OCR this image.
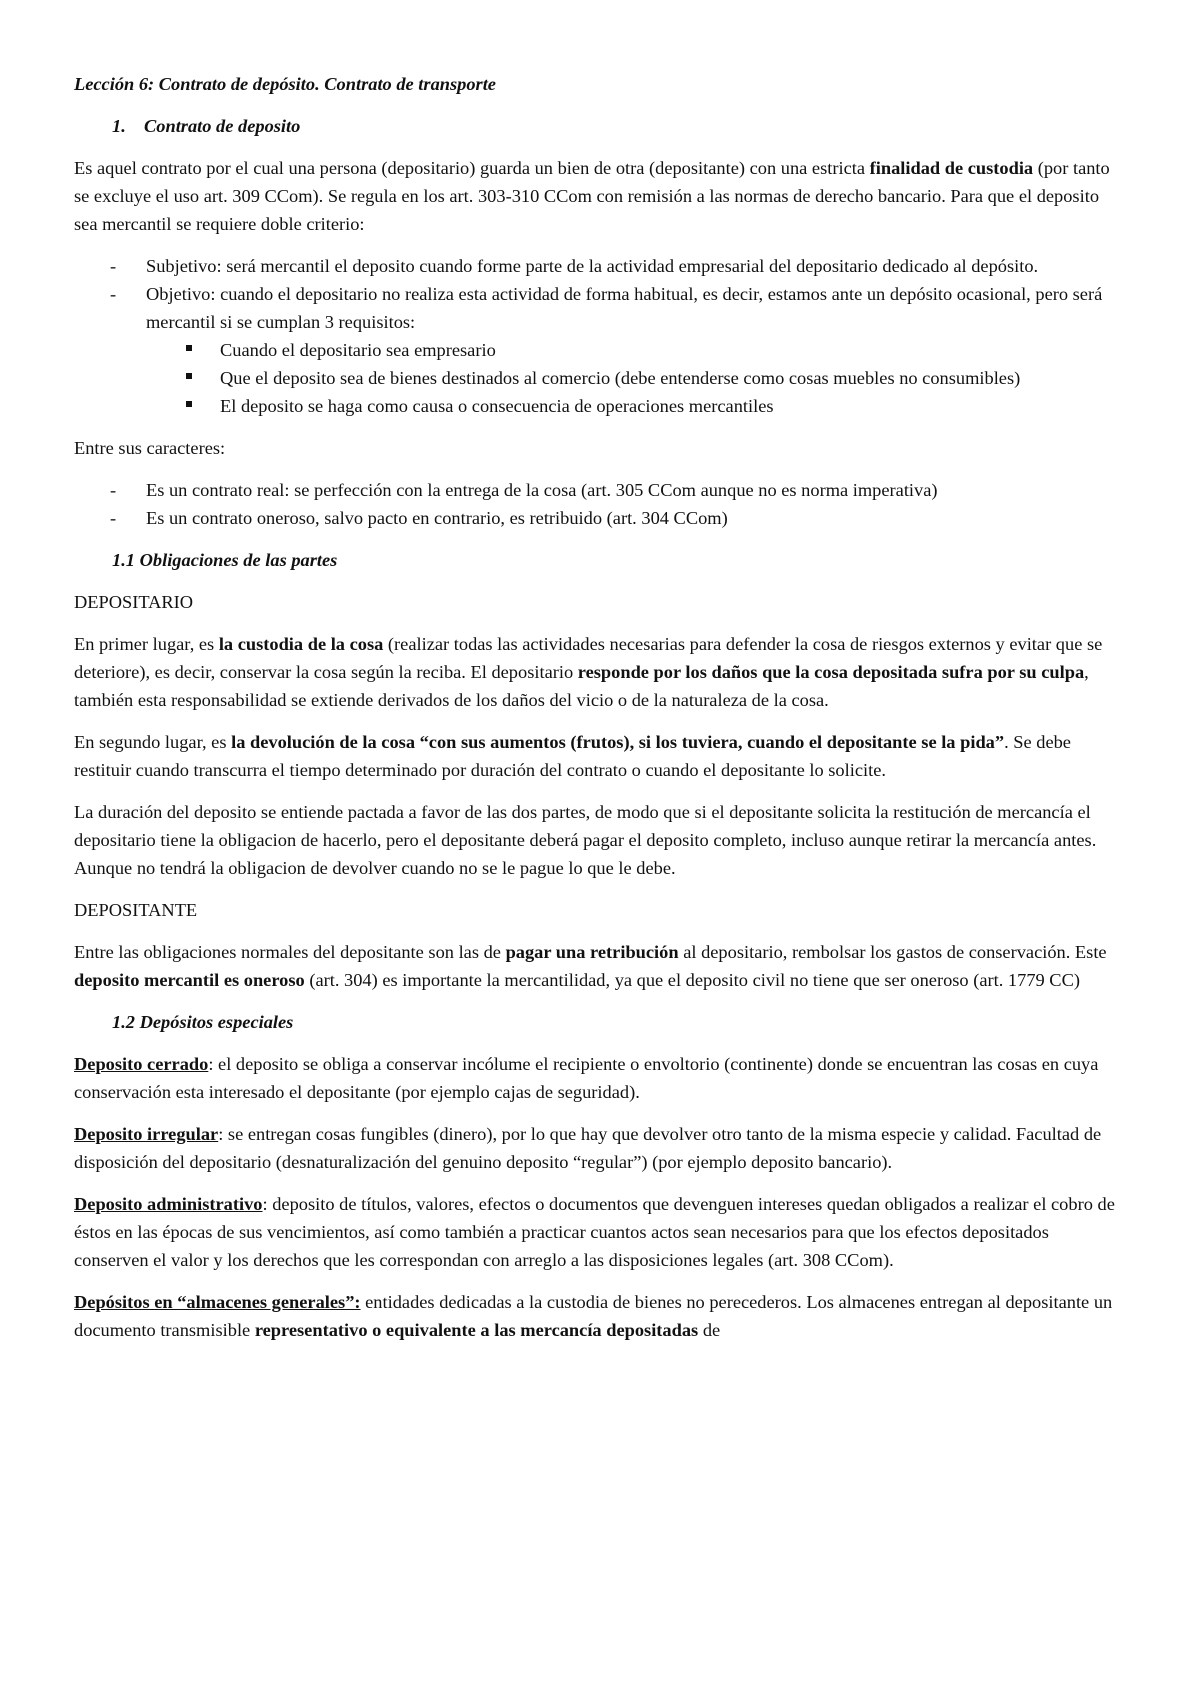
Lección 6: Contrato de depósito. Contrato de transporte
1. Contrato de deposito

Es aquel contrato por el cual una persona (depositario) guarda un bien de otra (depositante) con una estricta finalidad de custodia (por tanto se excluye el uso art. 309 CCom). Se regula en los art. 303-310 CCom con remisión a las normas de derecho bancario. Para que el deposito sea mercantil se requiere doble criterio:

- Subjetivo: será mercantil el deposito cuando forme parte de la actividad empresarial del depositario dedicado al depósito.
- Objetivo: cuando el depositario no realiza esta actividad de forma habitual, es decir, estamos ante un depósito ocasional, pero será mercantil si se cumplan 3 requisitos:
Cuando el depositario sea empresario
Que el deposito sea de bienes destinados al comercio (debe entenderse como cosas muebles no consumibles)
El deposito se haga como causa o consecuencia de operaciones mercantiles

Entre sus caracteres:

- Es un contrato real: se perfección con la entrega de la cosa (art. 305 CCom aunque no es norma imperativa)
- Es un contrato oneroso, salvo pacto en contrario, es retribuido (art. 304 CCom)
1.1 Obligaciones de las partes
DEPOSITARIO

En primer lugar, es la custodia de la cosa (realizar todas las actividades necesarias para defender la cosa de riesgos externos y evitar que se deteriore), es decir, conservar la cosa según la reciba. El depositario responde por los daños que la cosa depositada sufra por su culpa, también esta responsabilidad se extiende derivados de los daños del vicio o de la naturaleza de la cosa.

En segundo lugar, es la devolución de la cosa “con sus aumentos (frutos), si los tuviera, cuando el depositante se la pida”. Se debe restituir cuando transcurra el tiempo determinado por duración del contrato o cuando el depositante lo solicite.

La duración del deposito se entiende pactada a favor de las dos partes, de modo que si el depositante solicita la restitución de mercancía el depositario tiene la obligacion de hacerlo, pero el depositante deberá pagar el deposito completo, incluso aunque retirar la mercancía antes. Aunque no tendrá la obligacion de devolver cuando no se le pague lo que le debe.

DEPOSITANTE

Entre las obligaciones normales del depositante son las de pagar una retribución al depositario, rembolsar los gastos de conservación. Este deposito mercantil es oneroso (art. 304) es importante la mercantilidad, ya que el deposito civil no tiene que ser oneroso (art. 1779 CC)

1.2 Depósitos especiales

Deposito cerrado: el deposito se obliga a conservar incólume el recipiente o envoltorio (continente) donde se encuentran las cosas en cuya conservación esta interesado el depositante (por ejemplo cajas de seguridad).

Deposito irregular: se entregan cosas fungibles (dinero), por lo que hay que devolver otro tanto de la misma especie y calidad. Facultad de disposición del depositario (desnaturalización del genuino deposito “regular”) (por ejemplo deposito bancario).

Deposito administrativo: deposito de títulos, valores, efectos o documentos que devenguen intereses quedan obligados a realizar el cobro de éstos en las épocas de sus vencimientos, así como también a practicar cuantos actos sean necesarios para que los efectos depositados conserven el valor y los derechos que les correspondan con arreglo a las disposiciones legales (art. 308 CCom).

Depósitos en “almacenes generales”: entidades dedicadas a la custodia de bienes no perecederos. Los almacenes entregan al depositante un documento transmisible representativo o equivalente a las mercancía depositadas de
